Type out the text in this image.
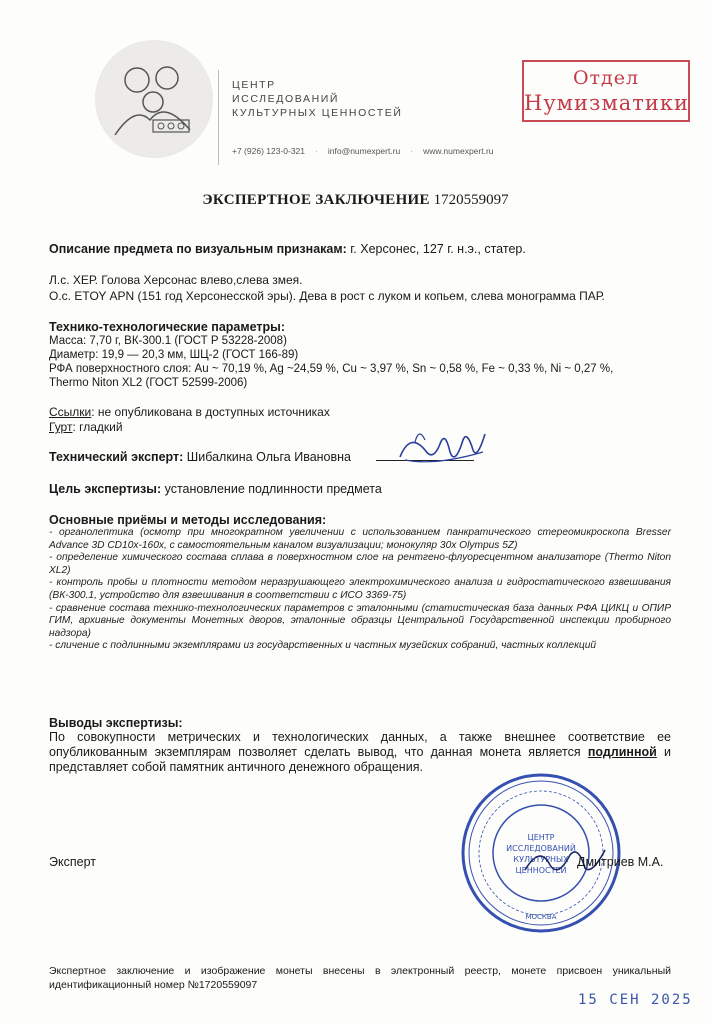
ЦЕНТР
ИССЛЕДОВАНИЙ
КУЛЬТУРНЫХ ЦЕННОСТЕЙ
+7 (926) 123-0-321 · info@numexpert.ru · www.numexpert.ru
Отдел
Нумизматики
ЭКСПЕРТНОЕ ЗАКЛЮЧЕНИЕ 1720559097
Описание предмета по визуальным признакам: г. Херсонес, 127 г. н.э., статер.
Л.с. ХЕР. Голова Херсонас влево,слева змея.
О.с. ЕΤΟΥ АРΝ (151 год Херсонесской эры). Дева в рост с луком и копьем, слева монограмма ПАР.
Технико-технологические параметры:
Масса: 7,70 г, ВК-300.1 (ГОСТ Р 53228-2008)
Диаметр: 19,9 — 20,3 мм, ШЦ-2 (ГОСТ 166-89)
РФА поверхностного слоя: Au ~ 70,19 %, Ag ~24,59 %, Cu ~ 3,97 %, Sn ~ 0,58 %, Fe ~ 0,33 %, Ni ~ 0,27 %,
Thermo Niton XL2 (ГОСТ 52599-2006)
Ссылки: не опубликована в доступных источниках
Гурт: гладкий
Технический эксперт: Шибалкина Ольга Ивановна
Цель экспертизы: установление подлинности предмета
Основные приёмы и методы исследования:
- органолептика (осмотр при многократном увеличении с использованием панкратического стереомикроскопа Bresser Advance 3D CD10х-160х, с самостоятельным каналом визуализации; монокуляр 30х Olympus 5Z)
- определение химического состава сплава в поверхностном слое на рентгено-флуоресцентном анализаторе (Thermo Niton XL2)
- контроль пробы и плотности методом неразрушающего электрохимического анализа и гидростатического взвешивания (ВК-300.1, устройство для взвешивания в соответствии с ИСО 3369-75)
- сравнение состава технико-технологических параметров с эталонными (статистическая база данных РФА ЦИКЦ и ОПИР ГИМ, архивные документы Монетных дворов, эталонные образцы Центральной Государственной инспекции пробирного надзора)
- сличение с подлинными экземплярами из государственных и частных музейских собраний, частных коллекций
Выводы экспертизы:
По совокупности метрических и технологических данных, а также внешнее соответствие ее опубликованным экземплярам позволяет сделать вывод, что данная монета является подлинной и представляет собой памятник античного денежного обращения.
ЦЕНТР
ИССЛЕДОВАНИЙ
КУЛЬТУРНЫХ
ЦЕННОСТЕЙ
МОСКВА
Эксперт	Дмитриев М.А.
Экспертное заключение и изображение монеты внесены в электронный реестр, монете присвоен уникальный идентификационный номер №1720559097
15 СЕН 2025
